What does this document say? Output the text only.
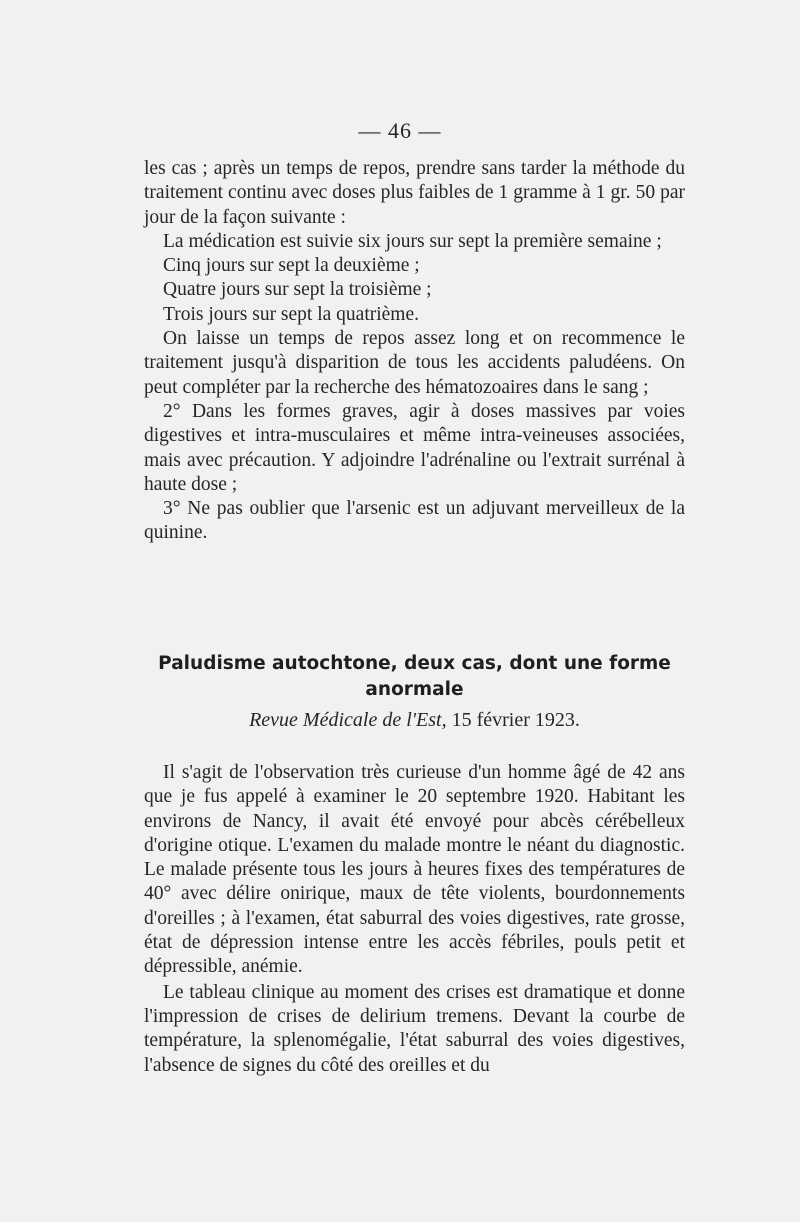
— 46 —

les cas ; après un temps de repos, prendre sans tarder la méthode du traitement continu avec doses plus faibles de 1 gramme à 1 gr. 50 par jour de la façon suivante :

La médication est suivie six jours sur sept la première semaine ;

Cinq jours sur sept la deuxième ;

Quatre jours sur sept la troisième ;

Trois jours sur sept la quatrième.

On laisse un temps de repos assez long et on recommence le traitement jusqu'à disparition de tous les accidents paludéens. On peut compléter par la recherche des hématozoaires dans le sang ;

2° Dans les formes graves, agir à doses massives par voies digestives et intra-musculaires et même intra-veineuses associées, mais avec précaution. Y adjoindre l'adrénaline ou l'extrait surrénal à haute dose ;

3° Ne pas oublier que l'arsenic est un adjuvant merveilleux de la quinine.

Paludisme autochtone, deux cas, dont une forme anormale
Revue Médicale de l'Est, 15 février 1923.

Il s'agit de l'observation très curieuse d'un homme âgé de 42 ans que je fus appelé à examiner le 20 septembre 1920. Habitant les environs de Nancy, il avait été envoyé pour abcès cérébelleux d'origine otique. L'examen du malade montre le néant du diagnostic. Le malade présente tous les jours à heures fixes des températures de 40° avec délire onirique, maux de tête violents, bourdonnements d'oreilles ; à l'examen, état saburral des voies digestives, rate grosse, état de dépression intense entre les accès fébriles, pouls petit et dépressible, anémie.

Le tableau clinique au moment des crises est dramatique et donne l'impression de crises de delirium tremens. Devant la courbe de température, la splenomégalie, l'état saburral des voies digestives, l'absence de signes du côté des oreilles et du
